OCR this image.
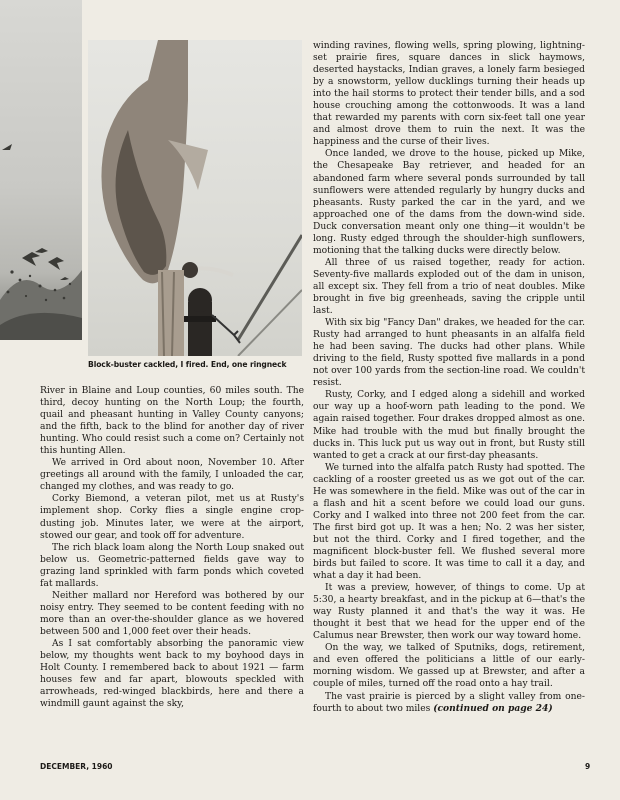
Block-buster cackled, I fired. End, one ringneck

River in Blaine and Loup counties, 60 miles south. The third, decoy hunting on the North Loup; the fourth, quail and pheasant hunting in Valley County canyons; and the fifth, back to the blind for another day of river hunting. Who could resist such a come on? Certainly not this hunting Allen.

We arrived in Ord about noon, November 10. After greetings all around with the family, I unloaded the car, changed my clothes, and was ready to go.

Corky Biemond, a veteran pilot, met us at Rusty's implement shop. Corky flies a single engine crop-dusting job. Minutes later, we were at the airport, stowed our gear, and took off for adventure.

The rich black loam along the North Loup snaked out below us. Geometric-patterned fields gave way to grazing land sprinkled with farm ponds which coveted fat mallards.

Neither mallard nor Hereford was bothered by our noisy entry. They seemed to be content feeding with no more than an over-the-shoulder glance as we hovered between 500 and 1,000 feet over their heads.

As I sat comfortably absorbing the panoramic view below, my thoughts went back to my boyhood days in Holt County. I remembered back to about 1921 — farm houses few and far apart, blowouts speckled with arrowheads, red-winged blackbirds, here and there a windmill gaunt against the sky,

winding ravines, flowing wells, spring plowing, lightning-set prairie fires, square dances in slick haymows, deserted haystacks, Indian graves, a lonely farm besieged by a snowstorm, yellow ducklings turning their heads up into the hail storms to protect their tender bills, and a sod house crouching among the cottonwoods. It was a land that rewarded my parents with corn six-feet tall one year and almost drove them to ruin the next. It was the happiness and the curse of their lives.

Once landed, we drove to the house, picked up Mike, the Chesapeake Bay retriever, and headed for an abandoned farm where several ponds surrounded by tall sunflowers were attended regularly by hungry ducks and pheasants. Rusty parked the car in the yard, and we approached one of the dams from the down-wind side. Duck conversation meant only one thing—it wouldn't be long. Rusty edged through the shoulder-high sunflowers, motioning that the talking ducks were directly below.

All three of us raised together, ready for action. Seventy-five mallards exploded out of the dam in unison, all except six. They fell from a trio of neat doubles. Mike brought in five big greenheads, saving the cripple until last.

With six big "Fancy Dan" drakes, we headed for the car. Rusty had arranged to hunt pheasants in an alfalfa field he had been saving. The ducks had other plans. While driving to the field, Rusty spotted five mallards in a pond not over 100 yards from the section-line road. We couldn't resist.

Rusty, Corky, and I edged along a sidehill and worked our way up a hoof-worn path leading to the pond. We again raised together. Four drakes dropped almost as one. Mike had trouble with the mud but finally brought the ducks in. This luck put us way out in front, but Rusty still wanted to get a crack at our first-day pheasants.

We turned into the alfalfa patch Rusty had spotted. The cackling of a rooster greeted us as we got out of the car. He was somewhere in the field. Mike was out of the car in a flash and hit a scent before we could load our guns. Corky and I walked into three not 200 feet from the car. The first bird got up. It was a hen; No. 2 was her sister, but not the third. Corky and I fired together, and the magnificent block-buster fell. We flushed several more birds but failed to score. It was time to call it a day, and what a day it had been.

It was a preview, however, of things to come. Up at 5:30, a hearty breakfast, and in the pickup at 6—that's the way Rusty planned it and that's the way it was. He thought it best that we head for the upper end of the Calumus near Brewster, then work our way toward home.

On the way, we talked of Sputniks, dogs, retirement, and even offered the politicians a little of our early-morning wisdom. We gassed up at Brewster, and after a couple of miles, turned off the road onto a hay trail.

The vast prairie is pierced by a slight valley from one-fourth to about two miles (continued on page 24)

DECEMBER, 1960	9
